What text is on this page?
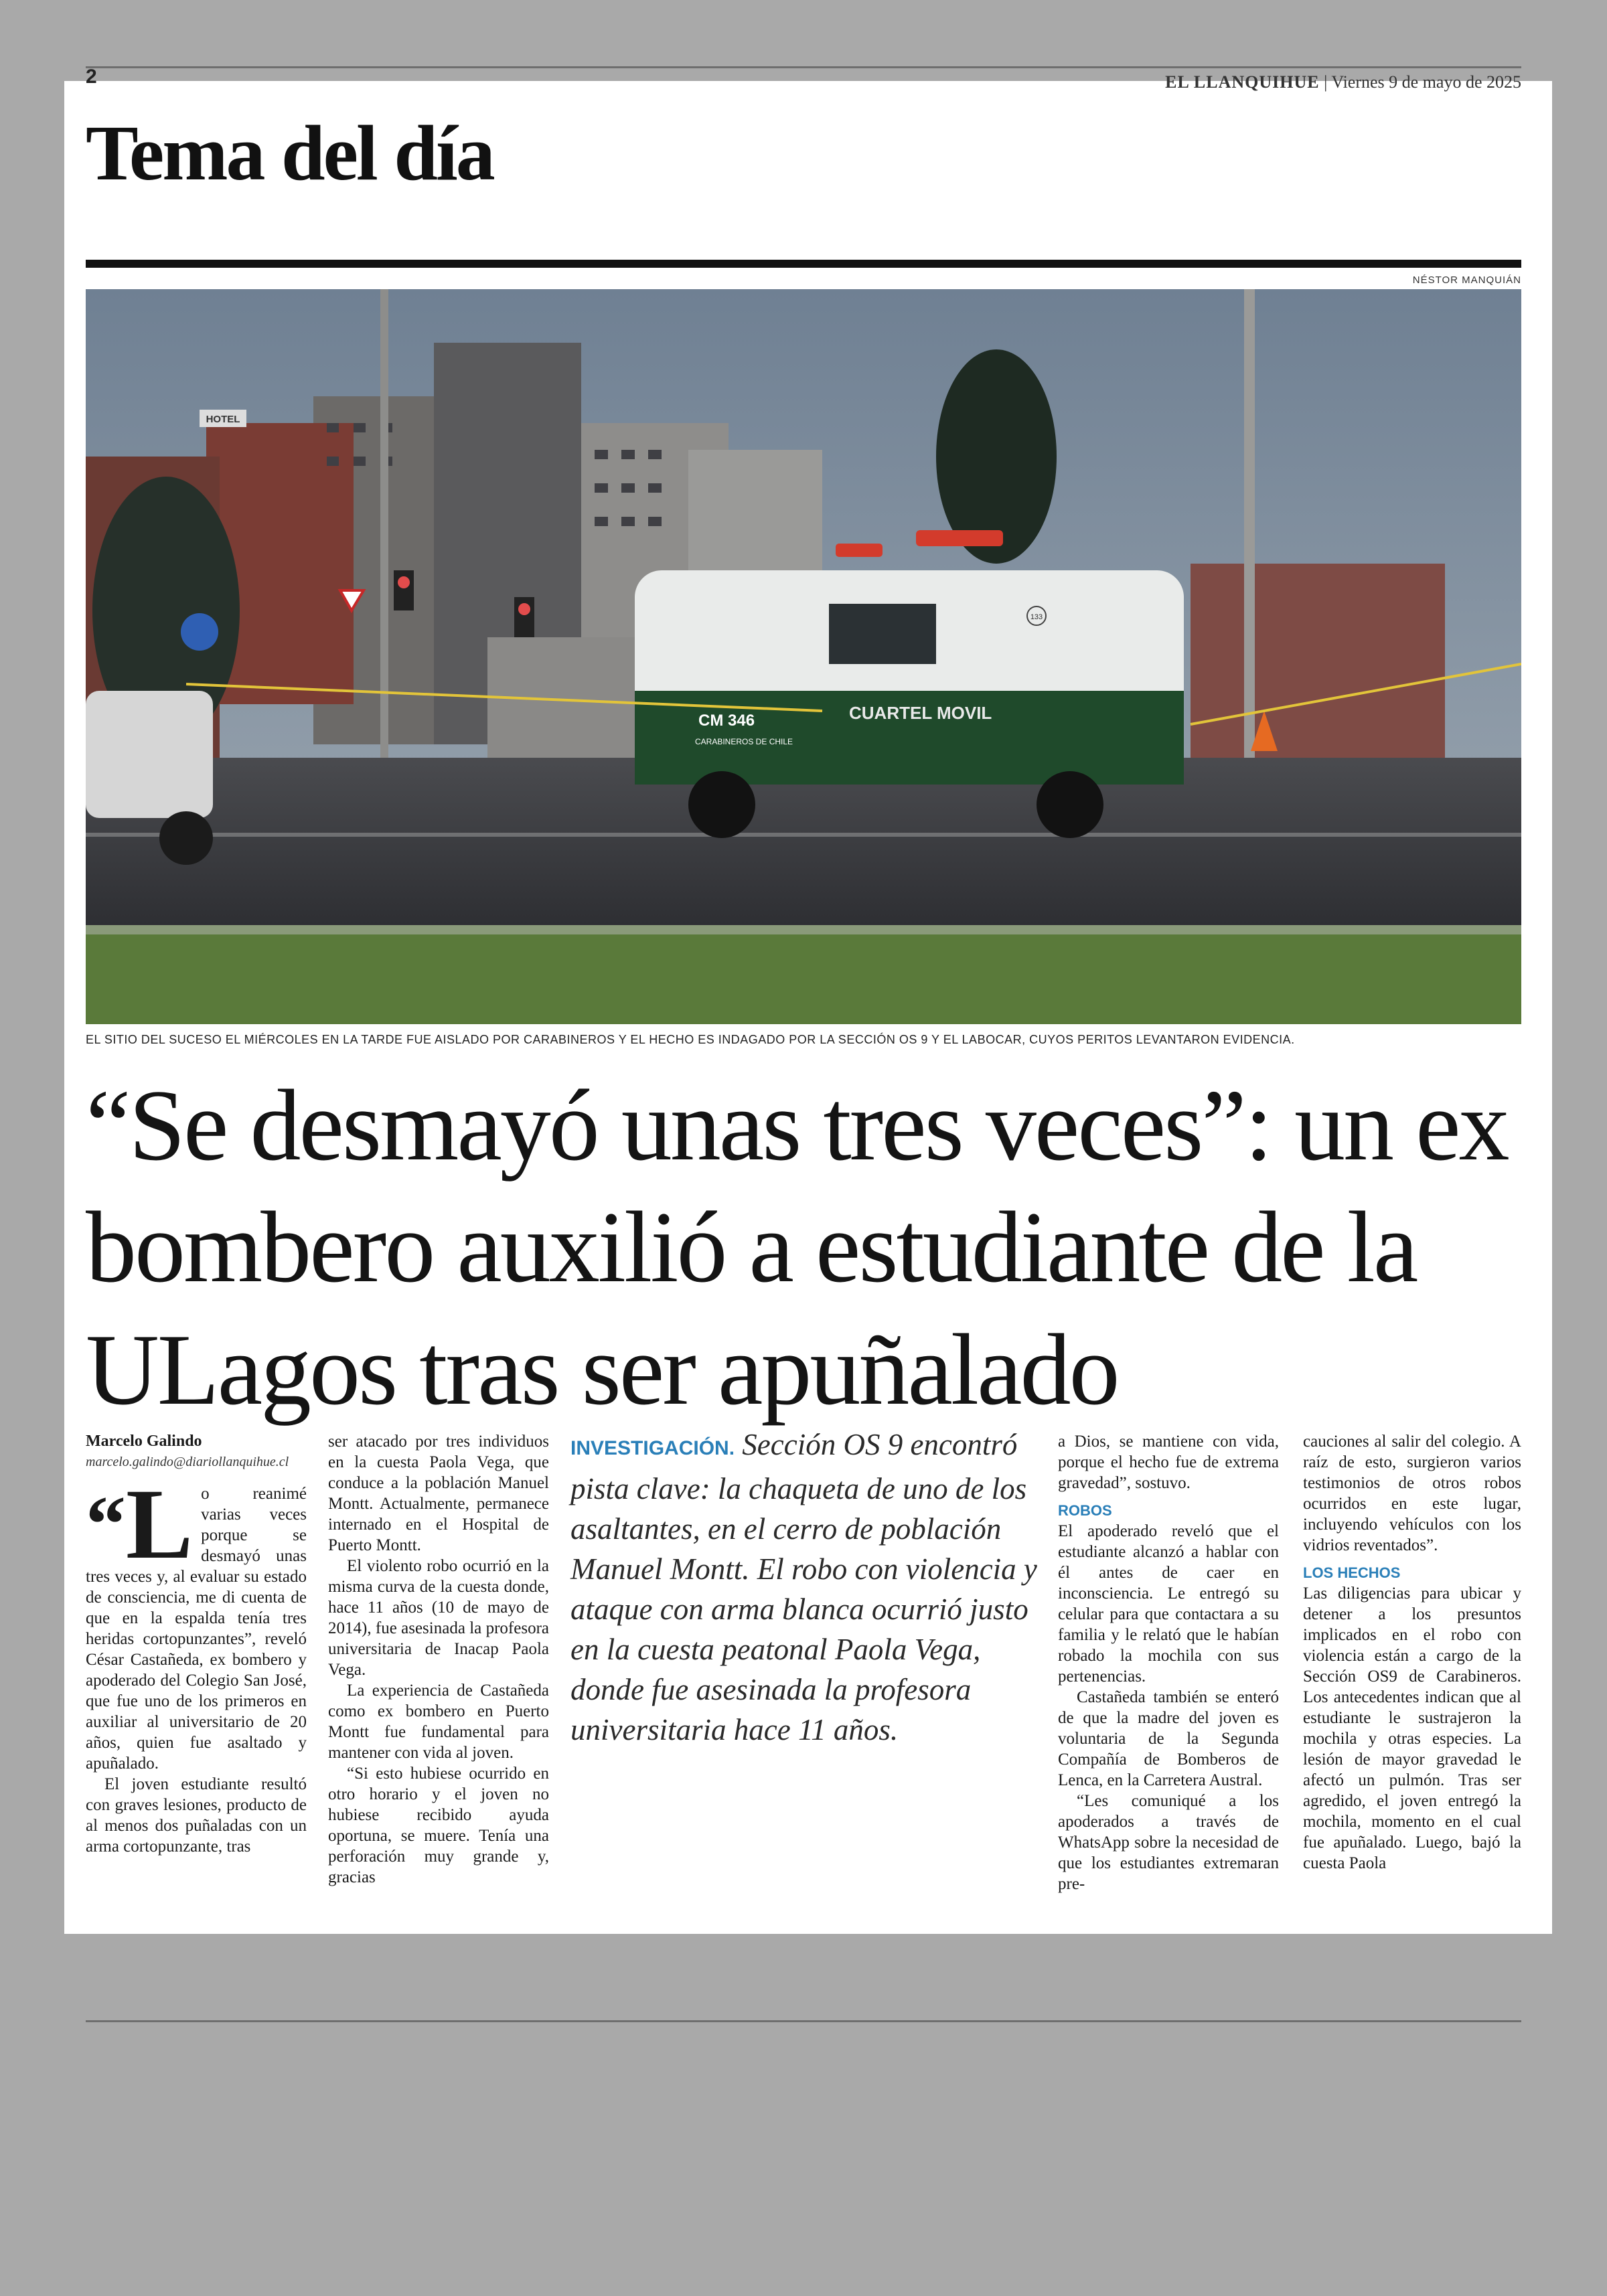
2	EL LLANQUIHUE | Viernes 9 de mayo de 2025
Tema del día
NÉSTOR MANQUIÁN
HOTEL
133
CUARTEL MOVIL
CM 346
CARABINEROS DE CHILE
EL SITIO DEL SUCESO EL MIÉRCOLES EN LA TARDE FUE AISLADO POR CARABINEROS Y EL HECHO ES INDAGADO POR LA SECCIÓN OS 9 Y EL LABOCAR, CUYOS PERITOS LEVANTARON EVIDENCIA.
“Se desmayó unas tres veces”: un ex bombero auxilió a estudiante de la ULagos tras ser apuñalado
Marcelo Galindo
marcelo.galindo@diariollanquihue.cl

“L o reanimé varias veces porque se desmayó unas tres veces y, al evaluar su estado de consciencia, me di cuenta de que en la espalda tenía tres heridas cortopunzantes”, reveló César Castañeda, ex bombero y apoderado del Colegio San José, que fue uno de los primeros en auxiliar al universitario de 20 años, quien fue asaltado y apuñalado.

El joven estudiante resultó con graves lesiones, producto de al menos dos puñaladas con un arma cortopunzante, tras

ser atacado por tres individuos en la cuesta Paola Vega, que conduce a la población Manuel Montt. Actualmente, permanece internado en el Hospital de Puerto Montt.

El violento robo ocurrió en la misma curva de la cuesta donde, hace 11 años (10 de mayo de 2014), fue asesinada la profesora universitaria de Inacap Paola Vega.

La experiencia de Castañeda como ex bombero en Puerto Montt fue fundamental para mantener con vida al joven.

“Si esto hubiese ocurrido en otro horario y el joven no hubiese recibido ayuda oportuna, se muere. Tenía una perforación muy grande y, gracias

INVESTIGACIÓN. Sección OS 9 encontró pista clave: la chaqueta de uno de los asaltantes, en el cerro de población Manuel Montt. El robo con violencia y ataque con arma blanca ocurrió justo en la cuesta peatonal Paola Vega, donde fue asesinada la profesora universitaria hace 11 años.

a Dios, se mantiene con vida, porque el hecho fue de extrema gravedad”, sostuvo.

ROBOS

El apoderado reveló que el estudiante alcanzó a hablar con él antes de caer en inconsciencia. Le entregó su celular para que contactara a su familia y le relató que le habían robado la mochila con sus pertenencias.

Castañeda también se enteró de que la madre del joven es voluntaria de la Segunda Compañía de Bomberos de Lenca, en la Carretera Austral.

“Les comuniqué a los apoderados a través de WhatsApp sobre la necesidad de que los estudiantes extremaran pre-

cauciones al salir del colegio. A raíz de esto, surgieron varios testimonios de otros robos ocurridos en este lugar, incluyendo vehículos con los vidrios reventados”.

LOS HECHOS

Las diligencias para ubicar y detener a los presuntos implicados en el robo con violencia están a cargo de la Sección OS9 de Carabineros. Los antecedentes indican que al estudiante le sustrajeron la mochila y otras especies. La lesión de mayor gravedad le afectó un pulmón. Tras ser agredido, el joven entregó la mochila, momento en el cual fue apuñalado. Luego, bajó la cuesta Paola
